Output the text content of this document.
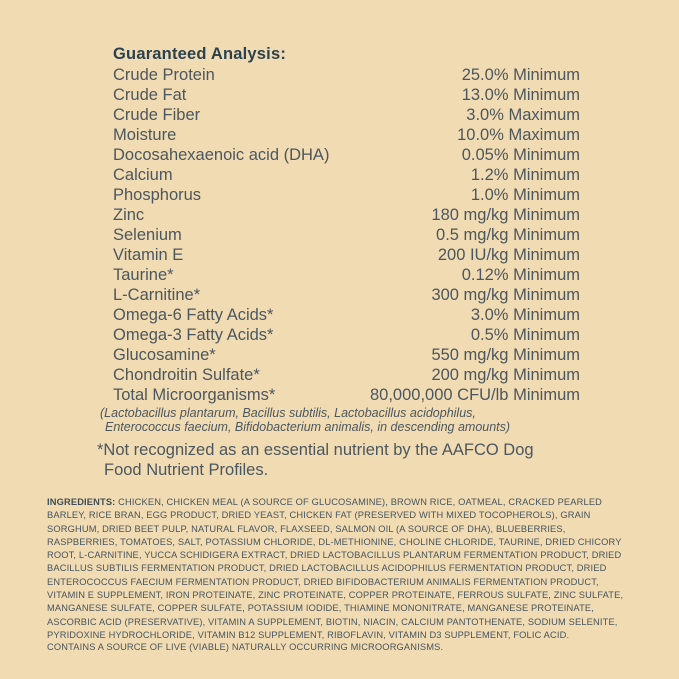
Guaranteed Analysis:
Crude Protein	25.0% Minimum
Crude Fat	13.0% Minimum
Crude Fiber	3.0% Maximum
Moisture	10.0% Maximum
Docosahexaenoic acid (DHA)	0.05% Minimum
Calcium	1.2% Minimum
Phosphorus	1.0% Minimum
Zinc	180 mg/kg Minimum
Selenium	0.5 mg/kg Minimum
Vitamin E	200 IU/kg Minimum
Taurine*	0.12% Minimum
L-Carnitine*	300 mg/kg Minimum
Omega-6 Fatty Acids*	3.0% Minimum
Omega-3 Fatty Acids*	0.5% Minimum
Glucosamine*	550 mg/kg Minimum
Chondroitin Sulfate*	200 mg/kg Minimum
Total Microorganisms*	80,000,000 CFU/lb Minimum
(Lactobacillus plantarum, Bacillus subtilis, Lactobacillus acidophilus,
Enterococcus faecium, Bifidobacterium animalis, in descending amounts)
*Not recognized as an essential nutrient by the AAFCO Dog
Food Nutrient Profiles.
INGREDIENTS: CHICKEN, CHICKEN MEAL (A SOURCE OF GLUCOSAMINE), BROWN RICE, OATMEAL, CRACKED PEARLED BARLEY, RICE BRAN, EGG PRODUCT, DRIED YEAST, CHICKEN FAT (PRESERVED WITH MIXED TOCOPHEROLS), GRAIN SORGHUM, DRIED BEET PULP, NATURAL FLAVOR, FLAXSEED, SALMON OIL (A SOURCE OF DHA), BLUEBERRIES, RASPBERRIES, TOMATOES, SALT, POTASSIUM CHLORIDE, DL-METHIONINE, CHOLINE CHLORIDE, TAURINE, DRIED CHICORY ROOT, L-CARNITINE, YUCCA SCHIDIGERA EXTRACT, DRIED LACTOBACILLUS PLANTARUM FERMENTATION PRODUCT, DRIED BACILLUS SUBTILIS FERMENTATION PRODUCT, DRIED LACTOBACILLUS ACIDOPHILUS FERMENTATION PRODUCT, DRIED ENTEROCOCCUS FAECIUM FERMENTATION PRODUCT, DRIED BIFIDOBACTERIUM ANIMALIS FERMENTATION PRODUCT, VITAMIN E SUPPLEMENT, IRON PROTEINATE, ZINC PROTEINATE, COPPER PROTEINATE, FERROUS SULFATE, ZINC SULFATE, MANGANESE SULFATE, COPPER SULFATE, POTASSIUM IODIDE, THIAMINE MONONITRATE, MANGANESE PROTEINATE, ASCORBIC ACID (PRESERVATIVE), VITAMIN A SUPPLEMENT, BIOTIN, NIACIN, CALCIUM PANTOTHENATE, SODIUM SELENITE, PYRIDOXINE HYDROCHLORIDE, VITAMIN B12 SUPPLEMENT, RIBOFLAVIN, VITAMIN D3 SUPPLEMENT, FOLIC ACID.
CONTAINS A SOURCE OF LIVE (VIABLE) NATURALLY OCCURRING MICROORGANISMS.
